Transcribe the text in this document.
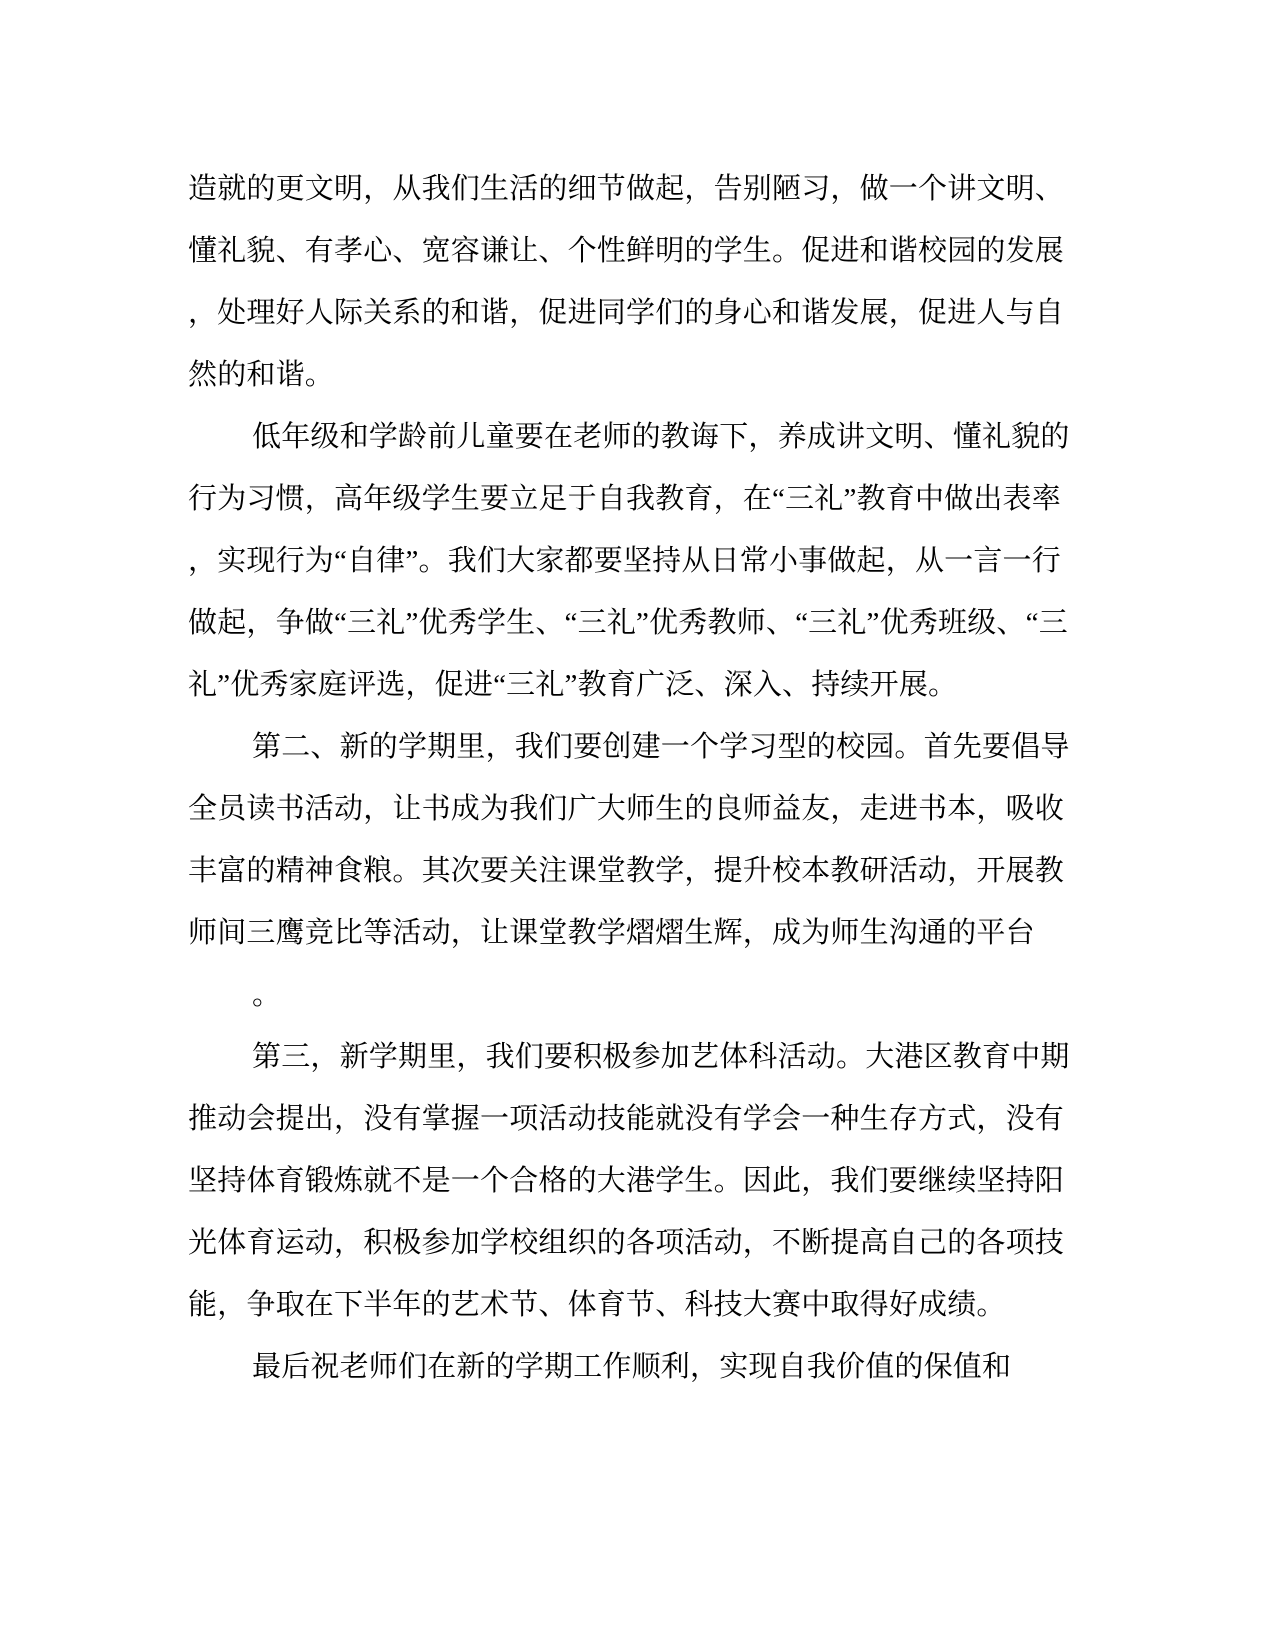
造就的更文明，从我们生活的细节做起，告别陋习，做一个讲文明、

懂礼貌、有孝心、宽容谦让、个性鲜明的学生。促进和谐校园的发展

，处理好人际关系的和谐，促进同学们的身心和谐发展，促进人与自

然的和谐。

低年级和学龄前儿童要在老师的教诲下，养成讲文明、懂礼貌的

行为习惯，高年级学生要立足于自我教育，在“三礼”教育中做出表率

，实现行为“自律”。我们大家都要坚持从日常小事做起，从一言一行

做起，争做“三礼”优秀学生、“三礼”优秀教师、“三礼”优秀班级、“三

礼”优秀家庭评选，促进“三礼”教育广泛、深入、持续开展。

第二、新的学期里，我们要创建一个学习型的校园。首先要倡导

全员读书活动，让书成为我们广大师生的良师益友，走进书本，吸收

丰富的精神食粮。其次要关注课堂教学，提升校本教研活动，开展教

师间三鹰竞比等活动，让课堂教学熠熠生辉，成为师生沟通的平台

。

第三，新学期里，我们要积极参加艺体科活动。大港区教育中期

推动会提出，没有掌握一项活动技能就没有学会一种生存方式，没有

坚持体育锻炼就不是一个合格的大港学生。因此，我们要继续坚持阳

光体育运动，积极参加学校组织的各项活动，不断提高自己的各项技

能，争取在下半年的艺术节、体育节、科技大赛中取得好成绩。

最后祝老师们在新的学期工作顺利，实现自我价值的保值和
